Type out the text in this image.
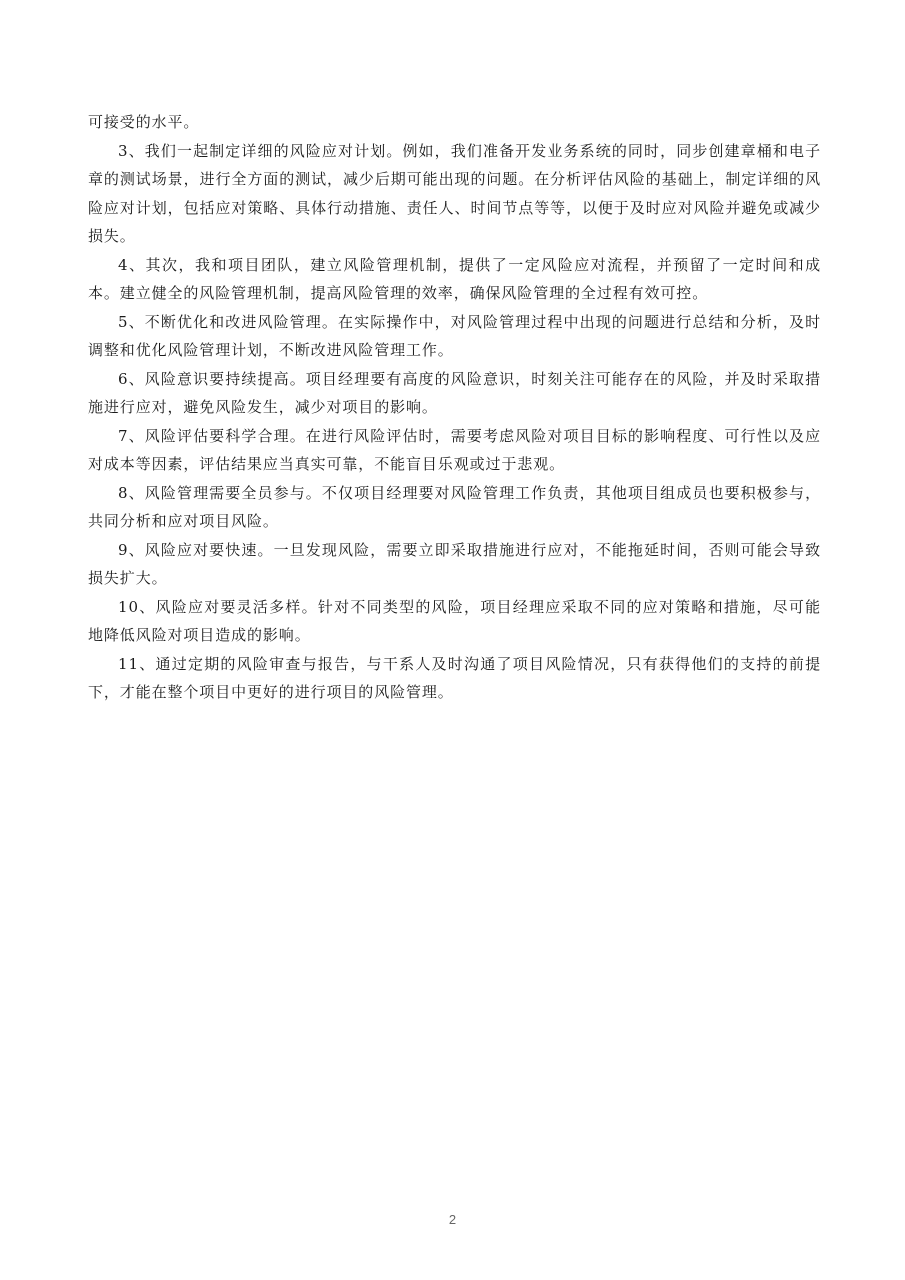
可接受的水平。

3、我们一起制定详细的风险应对计划。例如，我们准备开发业务系统的同时，同步创建章桶和电子章的测试场景，进行全方面的测试，减少后期可能出现的问题。在分析评估风险的基础上，制定详细的风险应对计划，包括应对策略、具体行动措施、责任人、时间节点等等，以便于及时应对风险并避免或减少损失。

4、其次，我和项目团队，建立风险管理机制，提供了一定风险应对流程，并预留了一定时间和成本。建立健全的风险管理机制，提高风险管理的效率，确保风险管理的全过程有效可控。

5、不断优化和改进风险管理。在实际操作中，对风险管理过程中出现的问题进行总结和分析，及时调整和优化风险管理计划，不断改进风险管理工作。

6、风险意识要持续提高。项目经理要有高度的风险意识，时刻关注可能存在的风险，并及时采取措施进行应对，避免风险发生，减少对项目的影响。

7、风险评估要科学合理。在进行风险评估时，需要考虑风险对项目目标的影响程度、可行性以及应对成本等因素，评估结果应当真实可靠，不能盲目乐观或过于悲观。

8、风险管理需要全员参与。不仅项目经理要对风险管理工作负责，其他项目组成员也要积极参与，共同分析和应对项目风险。

9、风险应对要快速。一旦发现风险，需要立即采取措施进行应对，不能拖延时间，否则可能会导致损失扩大。

10、风险应对要灵活多样。针对不同类型的风险，项目经理应采取不同的应对策略和措施，尽可能地降低风险对项目造成的影响。

11、通过定期的风险审查与报告，与干系人及时沟通了项目风险情况，只有获得他们的支持的前提下，才能在整个项目中更好的进行项目的风险管理。

2
